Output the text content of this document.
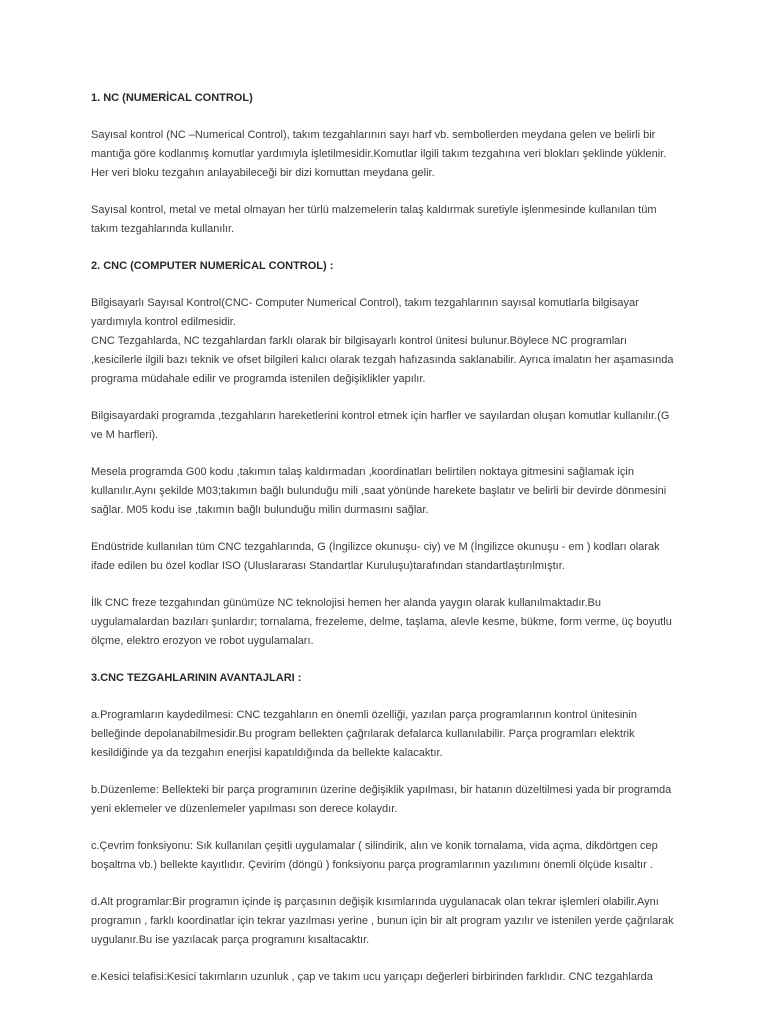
1. NC (NUMERİCAL CONTROL)

Sayısal kontrol (NC –Numerical Control), takım tezgahlarının sayı harf vb. sembollerden meydana gelen ve belirli bir
mantığa göre kodlanmış komutlar yardımıyla işletilmesidir.Komutlar ilgili takım tezgahına veri blokları şeklinde yüklenir.
Her veri bloku tezgahın anlayabileceği bir dizi komuttan meydana gelir.

Sayısal kontrol, metal ve metal olmayan her türlü malzemelerin talaş kaldırmak suretiyle işlenmesinde kullanılan tüm
takım tezgahlarında kullanılır.

2. CNC (COMPUTER NUMERİCAL CONTROL) :

Bilgisayarlı Sayısal Kontrol(CNC- Computer Numerical Control), takım tezgahlarının sayısal komutlarla bilgisayar
yardımıyla kontrol edilmesidir.
CNC Tezgahlarda, NC tezgahlardan farklı olarak bir bilgisayarlı kontrol ünitesi bulunur.Böylece NC programları
,kesicilerle ilgili bazı teknik ve ofset bilgileri kalıcı olarak tezgah hafızasında saklanabilir. Ayrıca imalatın her aşamasında
programa müdahale edilir ve programda istenilen değişiklikler yapılır.

Bilgisayardaki programda ,tezgahların hareketlerini kontrol etmek için harfler ve sayılardan oluşan komutlar kullanılır.(G
ve M harfleri).

Mesela programda G00 kodu ,takımın talaş kaldırmadan ,koordinatları belirtilen noktaya gitmesini sağlamak için
kullanılır.Aynı şekilde M03;takımın bağlı bulunduğu mili ,saat yönünde harekete başlatır ve belirli bir devirde dönmesini
sağlar. M05 kodu ise ,takımın bağlı bulunduğu milin durmasını sağlar.

Endüstride kullanılan tüm CNC tezgahlarında, G (İngilizce okunuşu- ciy) ve M (İngilizce okunuşu - em ) kodları olarak
ifade edilen bu özel kodlar ISO (Uluslararası Standartlar Kuruluşu)tarafından standartlaştırılmıştır.

İlk CNC freze tezgahından günümüze NC teknolojisi hemen her alanda yaygın olarak kullanılmaktadır.Bu
uygulamalardan bazıları şunlardır; tornalama, frezeleme, delme, taşlama, alevle kesme, bükme, form verme, üç boyutlu
ölçme, elektro erozyon ve robot uygulamaları.

3.CNC TEZGAHLARININ AVANTAJLARI :

a.Programların kaydedilmesi: CNC tezgahların en önemli özelliği, yazılan parça programlarının kontrol ünitesinin
belleğinde depolanabilmesidir.Bu program bellekten çağrılarak defalarca kullanılabilir. Parça programları elektrik
kesildiğinde ya da tezgahın enerjisi kapatıldığında da bellekte kalacaktır.

b.Düzenleme: Bellekteki bir parça programının üzerine değişiklik yapılması, bir hatanın düzeltilmesi yada bir programda
yeni eklemeler ve düzenlemeler yapılması son derece kolaydır.

c.Çevrim fonksiyonu: Sık kullanılan çeşitli uygulamalar ( silindirik, alın ve konik tornalama, vida açma, dikdörtgen cep
boşaltma vb.) bellekte kayıtlıdır. Çevirim (döngü ) fonksiyonu parça programlarının yazılımını önemli ölçüde kısaltır .

d.Alt programlar:Bir programın içinde iş parçasının değişik kısımlarında uygulanacak olan tekrar işlemleri olabilir.Aynı
programın , farklı koordinatlar için tekrar yazılması yerine , bunun için bir alt program yazılır ve istenilen yerde çağrılarak
uygulanır.Bu ise yazılacak parça programını kısaltacaktır.

e.Kesici telafisi:Kesici takımların uzunluk , çap ve takım ucu yarıçapı değerleri birbirinden farklıdır. CNC tezgahlarda
